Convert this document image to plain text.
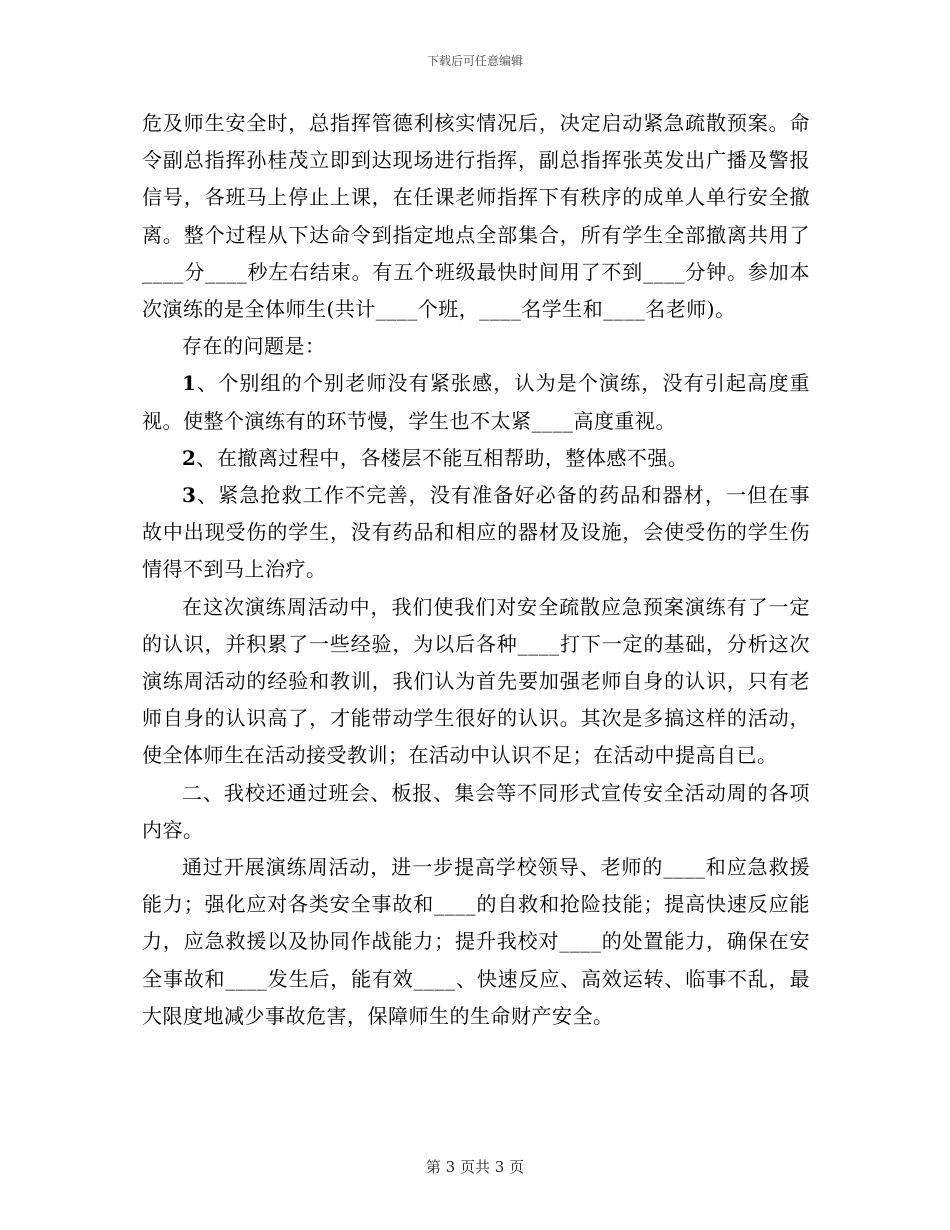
下载后可任意编辑

危及师生安全时，总指挥管德利核实情况后，决定启动紧急疏散预案。命令副总指挥孙桂茂立即到达现场进行指挥，副总指挥张英发出广播及警报信号，各班马上停止上课，在任课老师指挥下有秩序的成单人单行安全撤离。整个过程从下达命令到指定地点全部集合，所有学生全部撤离共用了____分____秒左右结束。有五个班级最快时间用了不到____分钟。参加本次演练的是全体师生(共计____个班，____名学生和____名老师)。

存在的问题是：

1、个别组的个别老师没有紧张感，认为是个演练，没有引起高度重视。使整个演练有的环节慢，学生也不太紧____高度重视。

2、在撤离过程中，各楼层不能互相帮助，整体感不强。

3、紧急抢救工作不完善，没有准备好必备的药品和器材，一但在事故中出现受伤的学生，没有药品和相应的器材及设施，会使受伤的学生伤情得不到马上治疗。

在这次演练周活动中，我们使我们对安全疏散应急预案演练有了一定的认识，并积累了一些经验，为以后各种____打下一定的基础，分析这次演练周活动的经验和教训，我们认为首先要加强老师自身的认识，只有老师自身的认识高了，才能带动学生很好的认识。其次是多搞这样的活动，使全体师生在活动接受教训；在活动中认识不足；在活动中提高自已。

二、我校还通过班会、板报、集会等不同形式宣传安全活动周的各项内容。

通过开展演练周活动，进一步提高学校领导、老师的____和应急救援能力；强化应对各类安全事故和____的自救和抢险技能；提高快速反应能力，应急救援以及协同作战能力；提升我校对____的处置能力，确保在安全事故和____发生后，能有效____、快速反应、高效运转、临事不乱，最大限度地减少事故危害，保障师生的生命财产安全。

第 3 页共 3 页
